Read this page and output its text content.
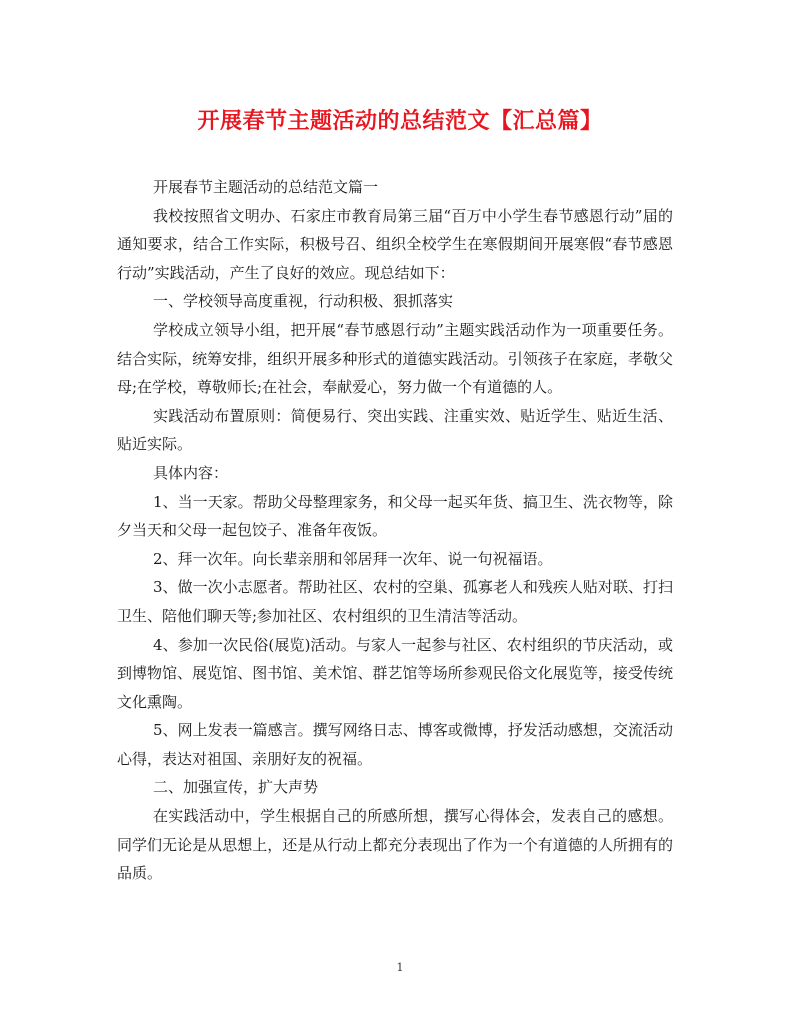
开展春节主题活动的总结范文【汇总篇】

开展春节主题活动的总结范文篇一

我校按照省文明办、石家庄市教育局第三届“百万中小学生春节感恩行动”届的通知要求，结合工作实际，积极号召、组织全校学生在寒假期间开展寒假“春节感恩行动”实践活动，产生了良好的效应。现总结如下：

一、学校领导高度重视，行动积极、狠抓落实

学校成立领导小组，把开展“春节感恩行动”主题实践活动作为一项重要任务。结合实际，统筹安排，组织开展多种形式的道德实践活动。引领孩子在家庭，孝敬父母;在学校，尊敬师长;在社会，奉献爱心，努力做一个有道德的人。

实践活动布置原则：简便易行、突出实践、注重实效、贴近学生、贴近生活、贴近实际。

具体内容：

1、当一天家。帮助父母整理家务，和父母一起买年货、搞卫生、洗衣物等，除夕当天和父母一起包饺子、准备年夜饭。

2、拜一次年。向长辈亲朋和邻居拜一次年、说一句祝福语。

3、做一次小志愿者。帮助社区、农村的空巢、孤寡老人和残疾人贴对联、打扫卫生、陪他们聊天等;参加社区、农村组织的卫生清洁等活动。

4、参加一次民俗(展览)活动。与家人一起参与社区、农村组织的节庆活动，或到博物馆、展览馆、图书馆、美术馆、群艺馆等场所参观民俗文化展览等，接受传统文化熏陶。

5、网上发表一篇感言。撰写网络日志、博客或微博，抒发活动感想，交流活动心得，表达对祖国、亲朋好友的祝福。

二、加强宣传，扩大声势

在实践活动中，学生根据自己的所感所想，撰写心得体会，发表自己的感想。同学们无论是从思想上，还是从行动上都充分表现出了作为一个有道德的人所拥有的品质。

1
